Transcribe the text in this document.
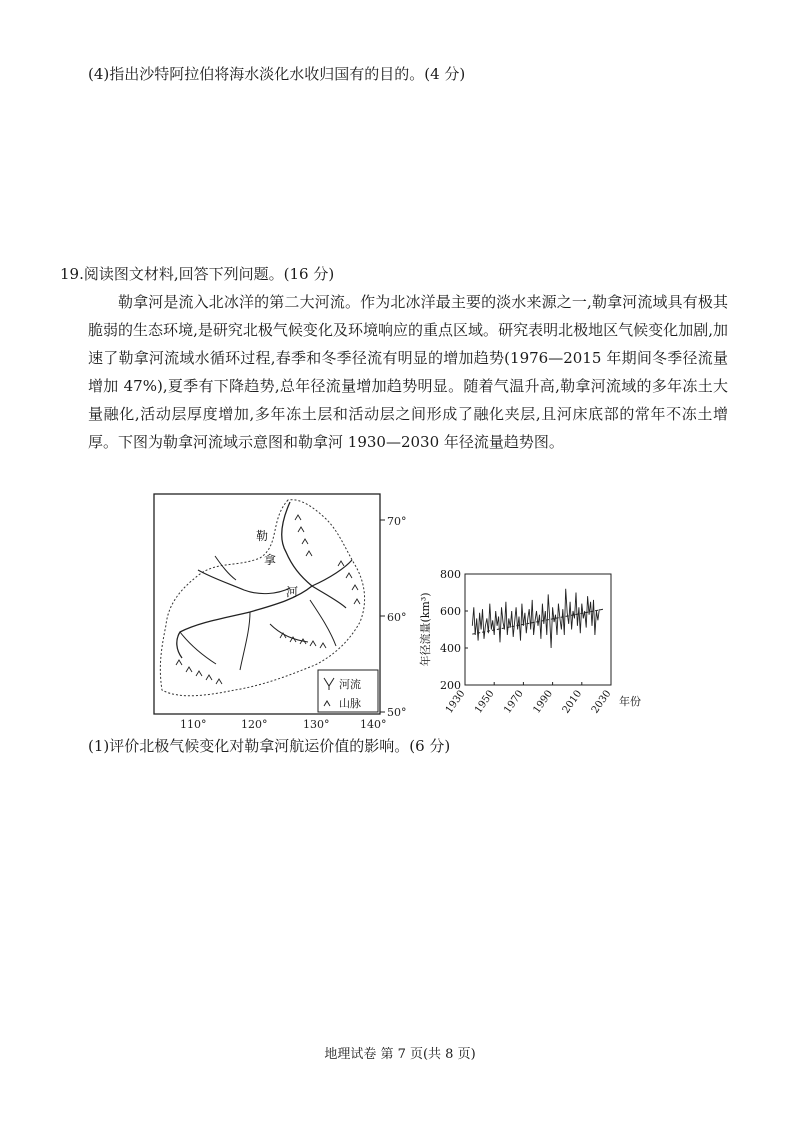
(4)指出沙特阿拉伯将海水淡化水收归国有的目的。(4 分)
19.阅读图文材料,回答下列问题。(16 分)
勒拿河是流入北冰洋的第二大河流。作为北冰洋最主要的淡水来源之一,勒拿河流域具有极其脆弱的生态环境,是研究北极气候变化及环境响应的重点区域。研究表明北极地区气候变化加剧,加速了勒拿河流域水循环过程,春季和冬季径流有明显的增加趋势(1976—2015 年期间冬季径流量增加 47%),夏季有下降趋势,总年径流量增加趋势明显。随着气温升高,勒拿河流域的多年冻土大量融化,活动层厚度增加,多年冻土层和活动层之间形成了融化夹层,且河床底部的常年不冻土增厚。下图为勒拿河流域示意图和勒拿河 1930—2030 年径流量趋势图。
70°
60°
50°
110°	120°	130°	140°
勒
拿
河
河流
山脉
200
400
600
800
1930 1950 1970 1990 2010 2030
年径流量(km³)
年份
(1)评价北极气候变化对勒拿河航运价值的影响。(6 分)
地理试卷 第 7 页(共 8 页)
